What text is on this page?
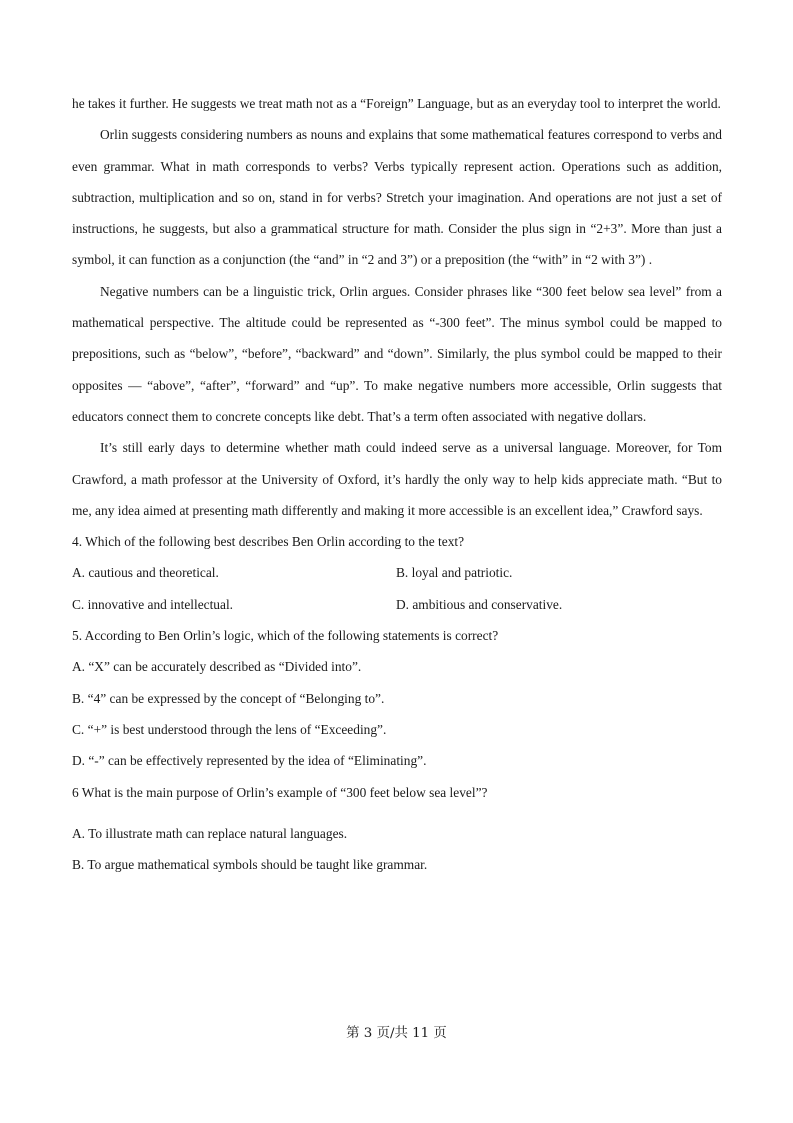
he takes it further. He suggests we treat math not as a “Foreign” Language, but as an everyday tool to interpret the world.

Orlin suggests considering numbers as nouns and explains that some mathematical features correspond to verbs and even grammar. What in math corresponds to verbs? Verbs typically represent action. Operations such as addition, subtraction, multiplication and so on, stand in for verbs? Stretch your imagination. And operations are not just a set of instructions, he suggests, but also a grammatical structure for math. Consider the plus sign in “2+3”. More than just a symbol, it can function as a conjunction (the “and” in “2 and 3”) or a preposition (the “with” in “2 with 3”) .

Negative numbers can be a linguistic trick, Orlin argues. Consider phrases like “300 feet below sea level” from a mathematical perspective. The altitude could be represented as “-300 feet”. The minus symbol could be mapped to prepositions, such as “below”, “before”, “backward” and “down”. Similarly, the plus symbol could be mapped to their opposites — “above”, “after”, “forward” and “up”. To make negative numbers more accessible, Orlin suggests that educators connect them to concrete concepts like debt. That’s a term often associated with negative dollars.

It’s still early days to determine whether math could indeed serve as a universal language. Moreover, for Tom Crawford, a math professor at the University of Oxford, it’s hardly the only way to help kids appreciate math. “But to me, any idea aimed at presenting math differently and making it more accessible is an excellent idea,” Crawford says.

4. Which of the following best describes Ben Orlin according to the text?

A. cautious and theoretical.	B. loyal and patriotic.

C. innovative and intellectual.	D. ambitious and conservative.

5. According to Ben Orlin’s logic, which of the following statements is correct?

A. “X” can be accurately described as “Divided into”.

B. “4” can be expressed by the concept of “Belonging to”.

C. “+” is best understood through the lens of “Exceeding”.

D. “-” can be effectively represented by the idea of “Eliminating”.

6 What is the main purpose of Orlin’s example of “300 feet below sea level”?

A. To illustrate math can replace natural languages.

B. To argue mathematical symbols should be taught like grammar.

第 3 页/共 11 页
